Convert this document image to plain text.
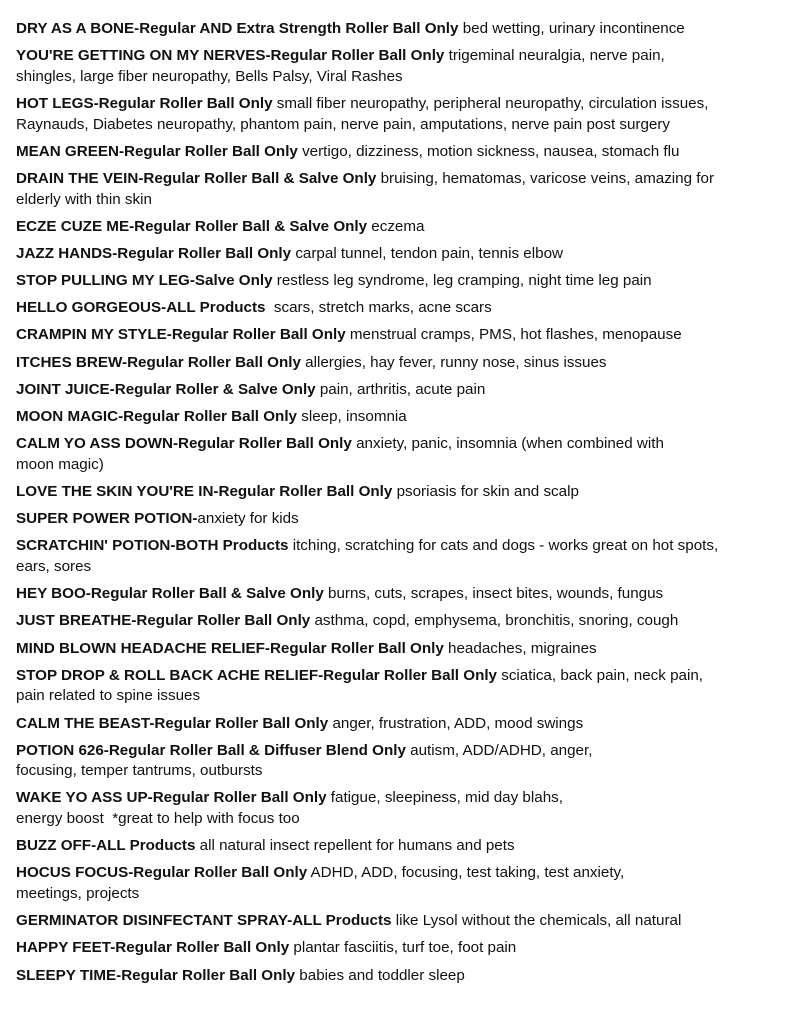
DRY AS A BONE-Regular AND Extra Strength Roller Ball Only bed wetting, urinary incontinence
YOU'RE GETTING ON MY NERVES-Regular Roller Ball Only trigeminal neuralgia, nerve pain,
shingles, large fiber neuropathy, Bells Palsy, Viral Rashes
HOT LEGS-Regular Roller Ball Only small fiber neuropathy, peripheral neuropathy, circulation issues,
Raynauds, Diabetes neuropathy, phantom pain, nerve pain, amputations, nerve pain post surgery
MEAN GREEN-Regular Roller Ball Only vertigo, dizziness, motion sickness, nausea, stomach flu
DRAIN THE VEIN-Regular Roller Ball & Salve Only bruising, hematomas, varicose veins, amazing for
elderly with thin skin
ECZE CUZE ME-Regular Roller Ball & Salve Only eczema
JAZZ HANDS-Regular Roller Ball Only carpal tunnel, tendon pain, tennis elbow
STOP PULLING MY LEG-Salve Only restless leg syndrome, leg cramping, night time leg pain
HELLO GORGEOUS-ALL Products  scars, stretch marks, acne scars
CRAMPIN MY STYLE-Regular Roller Ball Only menstrual cramps, PMS, hot flashes, menopause
ITCHES BREW-Regular Roller Ball Only allergies, hay fever, runny nose, sinus issues
JOINT JUICE-Regular Roller & Salve Only pain, arthritis, acute pain
MOON MAGIC-Regular Roller Ball Only sleep, insomnia
CALM YO ASS DOWN-Regular Roller Ball Only anxiety, panic, insomnia (when combined with
moon magic)
LOVE THE SKIN YOU'RE IN-Regular Roller Ball Only psoriasis for skin and scalp
SUPER POWER POTION-anxiety for kids
SCRATCHIN' POTION-BOTH Products itching, scratching for cats and dogs - works great on hot spots,
ears, sores
HEY BOO-Regular Roller Ball & Salve Only burns, cuts, scrapes, insect bites, wounds, fungus
JUST BREATHE-Regular Roller Ball Only asthma, copd, emphysema, bronchitis, snoring, cough
MIND BLOWN HEADACHE RELIEF-Regular Roller Ball Only headaches, migraines
STOP DROP & ROLL BACK ACHE RELIEF-Regular Roller Ball Only sciatica, back pain, neck pain,
pain related to spine issues
CALM THE BEAST-Regular Roller Ball Only anger, frustration, ADD, mood swings
POTION 626-Regular Roller Ball & Diffuser Blend Only autism, ADD/ADHD, anger,
focusing, temper tantrums, outbursts
WAKE YO ASS UP-Regular Roller Ball Only fatigue, sleepiness, mid day blahs,
energy boost  *great to help with focus too
BUZZ OFF-ALL Products all natural insect repellent for humans and pets
HOCUS FOCUS-Regular Roller Ball Only ADHD, ADD, focusing, test taking, test anxiety,
meetings, projects
GERMINATOR DISINFECTANT SPRAY-ALL Products like Lysol without the chemicals, all natural
HAPPY FEET-Regular Roller Ball Only plantar fasciitis, turf toe, foot pain
SLEEPY TIME-Regular Roller Ball Only babies and toddler sleep
